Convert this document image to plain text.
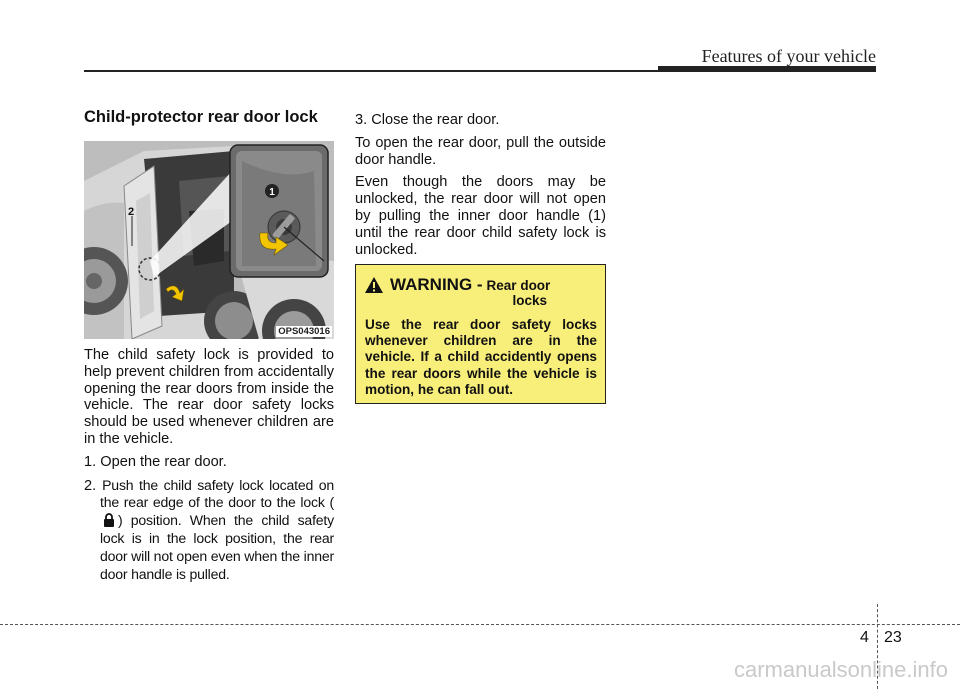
Features of your vehicle
Child-protector rear door lock
1
2
OPS043016

The child safety lock is provided to help prevent children from accidentally opening the rear doors from inside the vehicle. The rear door safety locks should be used whenever children are in the vehicle.

1. Open the rear door.
2. Push the child safety lock located on the rear edge of the door to the lock () position. When the child safety lock is in the lock position, the rear door will not open even when the inner door handle is pulled.

3. Close the rear door.

To open the rear door, pull the outside door handle.

Even though the doors may be unlocked, the rear door will not open by pulling the inner door handle (1) until the rear door child safety lock is unlocked.

WARNING - Rear door
locks
Use the rear door safety locks whenever children are in the vehicle. If a child accidently opens the rear doors while the vehicle is motion, he can fall out.
4 23
carmanualsonline.info
